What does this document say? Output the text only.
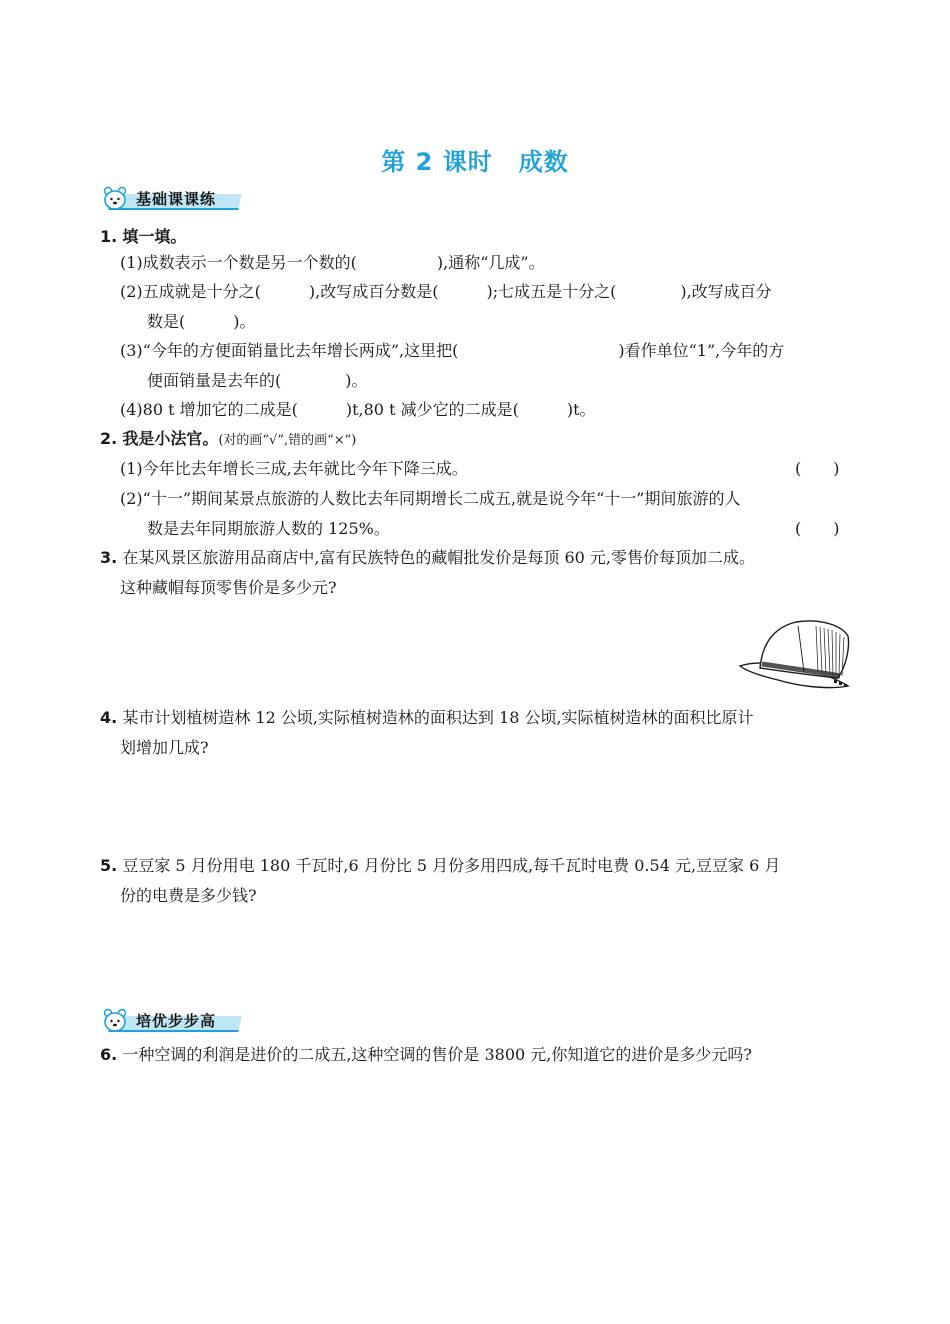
第 2 课时 成数
基础课课练
1. 填一填。
(1)成数表示一个数是另一个数的(　　　　　),通称“几成”。
(2)五成就是十分之(　　　),改写成百分数是(　　　);七成五是十分之(　　　　),改写成百分
数是(　　　)。
(3)“今年的方便面销量比去年增长两成”,这里把(　　　　　　　　　　)看作单位“1”,今年的方
便面销量是去年的(　　　　)。
(4)80 t 增加它的二成是(　　　)t,80 t 减少它的二成是(　　　)t。
2. 我是小法官。(对的画“√”,错的画“×”)
(1)今年比去年增长三成,去年就比今年下降三成。	(　　)
(2)“十一”期间某景点旅游的人数比去年同期增长二成五,就是说今年“十一”期间旅游的人
数是去年同期旅游人数的 125%。	(　　)
3. 在某风景区旅游用品商店中,富有民族特色的藏帽批发价是每顶 60 元,零售价每顶加二成。
这种藏帽每顶零售价是多少元?
4. 某市计划植树造林 12 公顷,实际植树造林的面积达到 18 公顷,实际植树造林的面积比原计
划增加几成?
5. 豆豆家 5 月份用电 180 千瓦时,6 月份比 5 月份多用四成,每千瓦时电费 0.54 元,豆豆家 6 月
份的电费是多少钱?
培优步步高
6. 一种空调的利润是进价的二成五,这种空调的售价是 3800 元,你知道它的进价是多少元吗?
